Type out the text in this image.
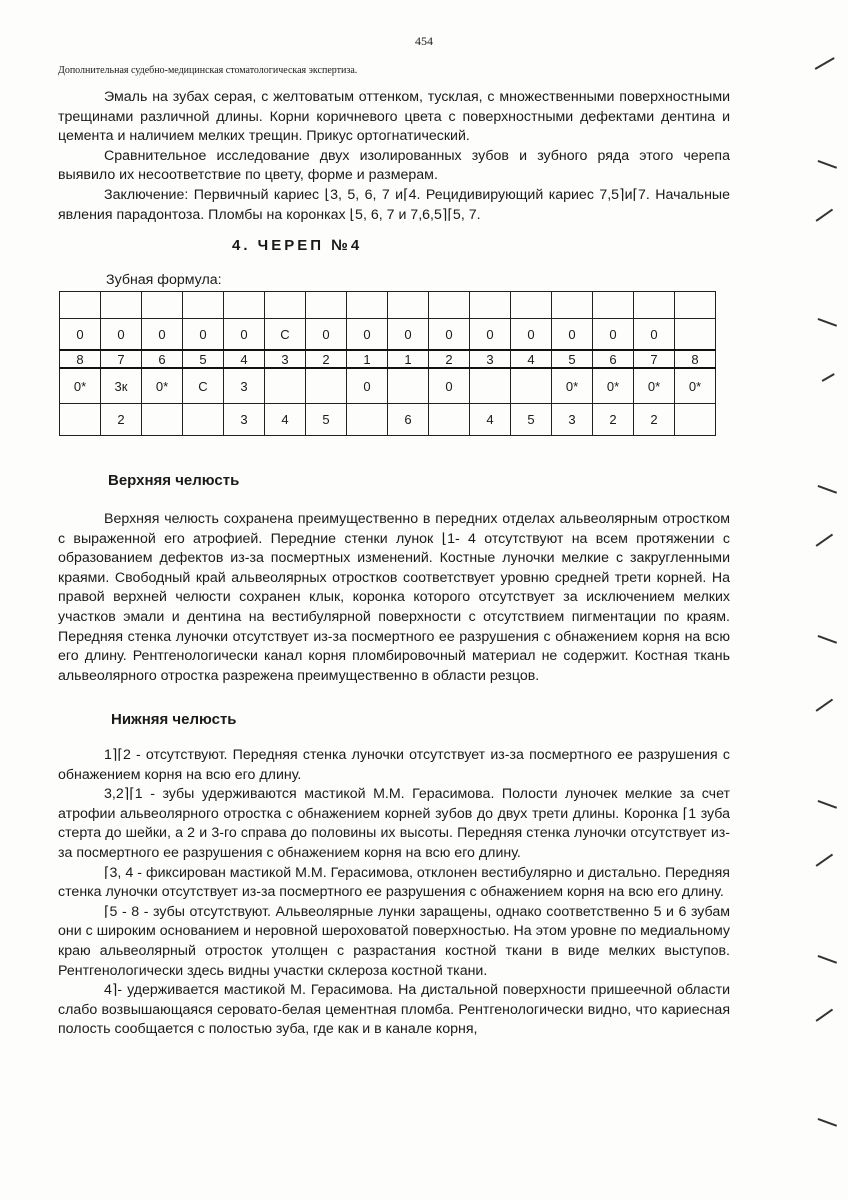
454
Дополнительная судебно-медицинская стоматологическая экспертиза.

Эмаль на зубах серая, с желтоватым оттенком, тусклая, с множественными поверхностными трещинами различной длины. Корни коричневого цвета с поверхностными дефектами дентина и цемента и наличием мелких трещин. Прикус ортогнатический.

Сравнительное исследование двух изолированных зубов и зубного ряда этого черепа выявило их несоответствие по цвету, форме и размерам.

Заключение: Первичный кариес ⌊3, 5, 6, 7 и⌈4. Рецидивирующий кариес 7,5⌉и⌈7. Начальные явления парадонтоза. Пломбы на коронках ⌊5, 6, 7 и 7,6,5⌉⌈5, 7.

4. ЧЕРЕП №4
Зубная формула:

0	0	0	0	0	С	0	0	0	0	0	0	0	0	0	
8	7	6	5	4	3	2	1	1	2	3	4	5	6	7	8
0*	3к	0*	С	3			0		0			0*	0*	0*	0*
	2			3	4	5		6		4	5	3	2	2	
Верхняя челюсть

Верхняя челюсть сохранена преимущественно в передних отделах альвеолярным отростком с выраженной его атрофией. Передние стенки лунок ⌊1- 4 отсутствуют на всем протяжении с образованием дефектов из-за посмертных изменений. Костные луночки мелкие с закругленными краями. Свободный край альвеолярных отростков соответствует уровню средней трети корней. На правой верхней челюсти сохранен клык, коронка которого отсутствует за исключением мелких участков эмали и дентина на вестибулярной поверхности с отсутствием пигментации по краям. Передняя стенка луночки отсутствует из-за посмертного ее разрушения с обнажением корня на всю его длину. Рентгенологически канал корня пломбировочный материал не содержит. Костная ткань альвеолярного отростка разрежена преимущественно в области резцов.

Нижняя челюсть

1⌉⌈2 - отсутствуют. Передняя стенка луночки отсутствует из-за посмертного ее разрушения с обнажением корня на всю его длину.

3,2⌉⌈1 - зубы удерживаются мастикой М.М. Герасимова. Полости луночек мелкие за счет атрофии альвеолярного отростка с обнажением корней зубов до двух трети длины. Коронка ⌈1 зуба стерта до шейки, а 2 и 3-го справа до половины их высоты. Передняя стенка луночки отсутствует из-за посмертного ее разрушения с обнажением корня на всю его длину.

⌈3, 4 - фиксирован мастикой М.М. Герасимова, отклонен вестибулярно и дистально. Передняя стенка луночки отсутствует из-за посмертного ее разрушения с обнажением корня на всю его длину.

⌈5 - 8 - зубы отсутствуют. Альвеолярные лунки заращены, однако соответственно 5 и 6 зубам они с широким основанием и неровной шероховатой поверхностью. На этом уровне по медиальному краю альвеолярный отросток утолщен с разрастания костной ткани в виде мелких выступов. Рентгенологически здесь видны участки склероза костной ткани.

4⌉- удерживается мастикой М. Герасимова. На дистальной поверхности пришеечной области слабо возвышающаяся серовато-белая цементная пломба. Рентгенологически видно, что кариесная полость сообщается с полостью зуба, где как и в канале корня,
